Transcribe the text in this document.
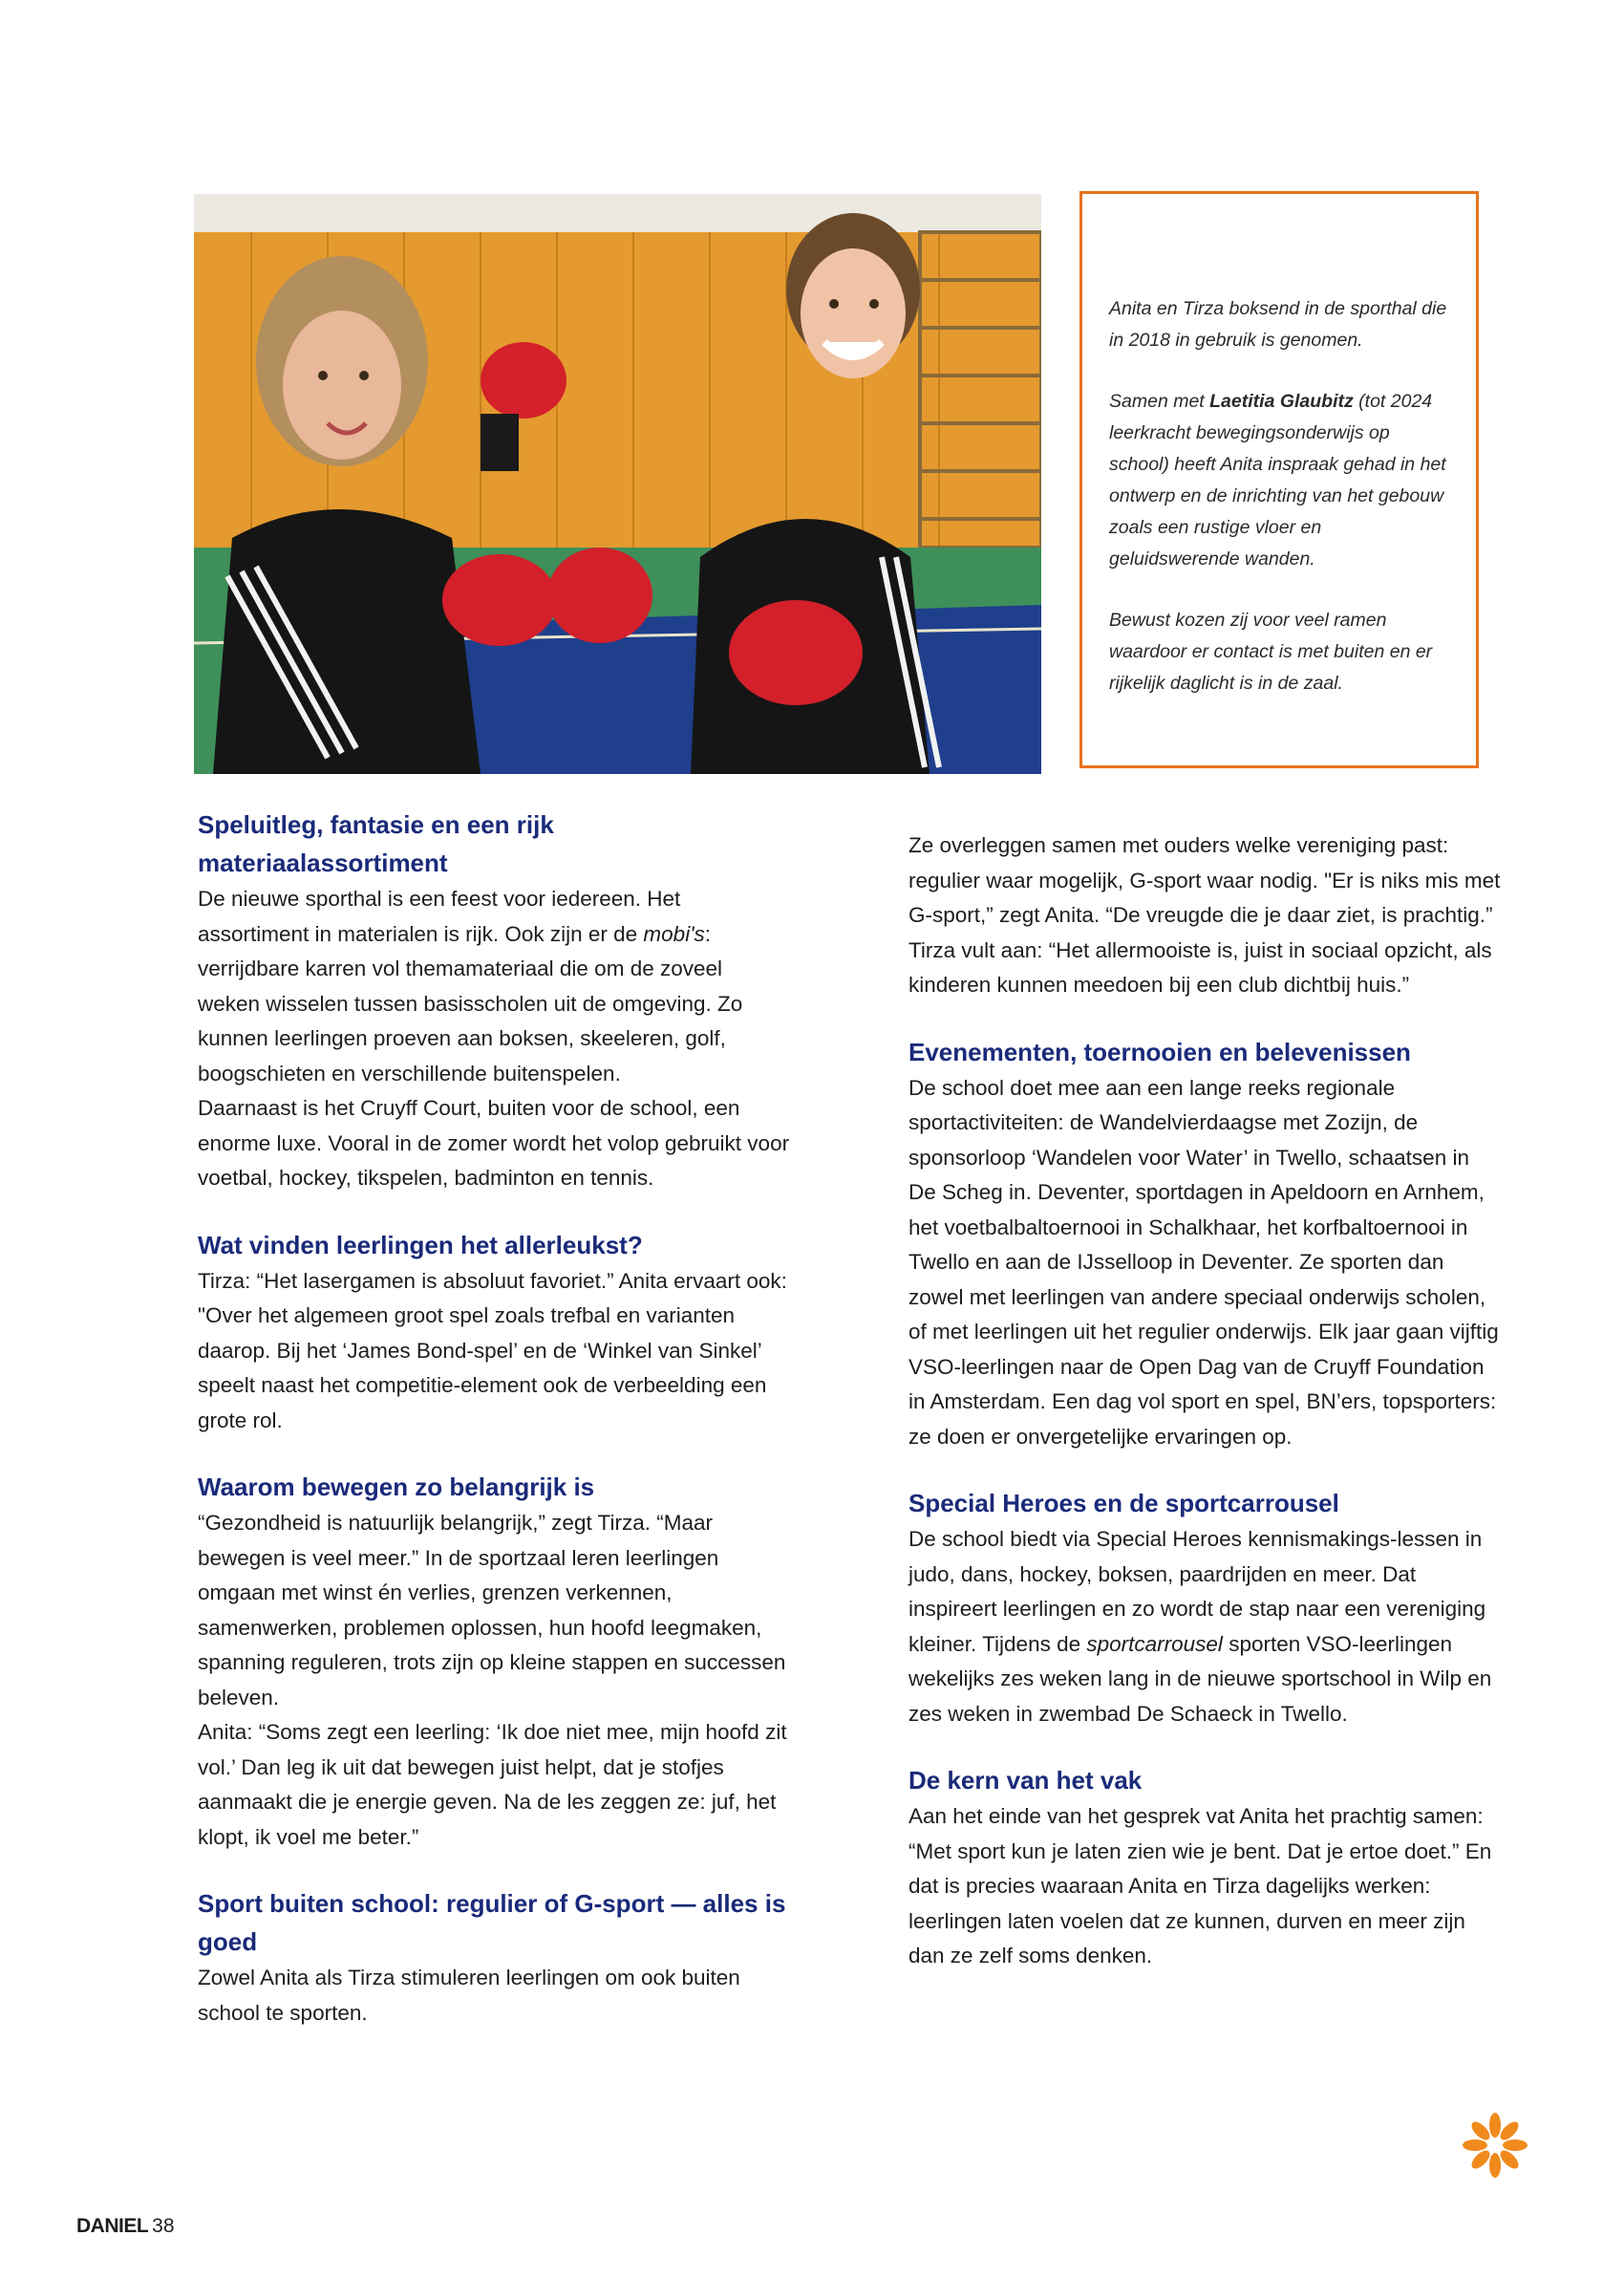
Anita en Tirza boksend in de sporthal die in 2018 in gebruik is genomen.

Samen met Laetitia Glaubitz (tot 2024 leerkracht bewegingsonderwijs op school) heeft Anita inspraak gehad in het ontwerp en de inrichting van het gebouw zoals een rustige vloer en geluidswerende wanden.

Bewust kozen zij voor veel ramen waardoor er contact is met buiten en er rijkelijk daglicht is in de zaal.

Speluitleg, fantasie en een rijk materiaalassortiment

De nieuwe sporthal is een feest voor iedereen. Het assortiment in materialen is rijk. Ook zijn er de mobi's: verrijdbare karren vol themamateriaal die om de zoveel weken wisselen tussen basisscholen uit de omgeving. Zo kunnen leerlingen proeven aan boksen, skeeleren, golf, boogschieten en verschillende buitenspelen.

Daarnaast is het Cruyff Court, buiten voor de school, een enorme luxe. Vooral in de zomer wordt het volop gebruikt voor voetbal, hockey, tikspelen, badminton en tennis.

Wat vinden leerlingen het allerleukst?

Tirza: “Het lasergamen is absoluut favoriet.” Anita ervaart ook: "Over het algemeen groot spel zoals trefbal en varianten daarop. Bij het ‘James Bond-spel’ en de ‘Winkel van Sinkel’ speelt naast het competitie-element ook de verbeelding een grote rol.

Waarom bewegen zo belangrijk is

“Gezondheid is natuurlijk belangrijk,” zegt Tirza. “Maar bewegen is veel meer.” In de sportzaal leren leerlingen omgaan met winst én verlies, grenzen verkennen, samenwerken, problemen oplossen, hun hoofd leegmaken, spanning reguleren, trots zijn op kleine stappen en successen beleven.

Anita: “Soms zegt een leerling: ‘Ik doe niet mee, mijn hoofd zit vol.’ Dan leg ik uit dat bewegen juist helpt, dat je stofjes aanmaakt die je energie geven. Na de les zeggen ze: juf, het klopt, ik voel me beter.”

Sport buiten school: regulier of G-sport — alles is goed

Zowel Anita als Tirza stimuleren leerlingen om ook buiten school te sporten.

Ze overleggen samen met ouders welke vereniging past: regulier waar mogelijk, G-sport waar nodig. "Er is niks mis met G-sport,” zegt Anita. “De vreugde die je daar ziet, is prachtig.” Tirza vult aan: “Het allermooiste is, juist in sociaal opzicht, als kinderen kunnen meedoen bij een club dichtbij huis.”

Evenementen, toernooien en belevenissen

De school doet mee aan een lange reeks regionale sportactiviteiten: de Wandelvierdaagse met Zozijn, de sponsorloop ‘Wandelen voor Water’ in Twello, schaatsen in De Scheg in. Deventer, sportdagen in Apeldoorn en Arnhem, het voetbalbaltoernooi in Schalkhaar, het korfbaltoernooi in Twello en aan de IJsselloop in Deventer. Ze sporten dan zowel met leerlingen van andere speciaal onderwijs scholen, of met leerlingen uit het regulier onderwijs. Elk jaar gaan vijftig VSO-leerlingen naar de Open Dag van de Cruyff Foundation in Amsterdam. Een dag vol sport en spel, BN’ers, topsporters: ze doen er onvergetelijke ervaringen op.

Special Heroes en de sportcarrousel

De school biedt via Special Heroes kennismakings-lessen in judo, dans, hockey, boksen, paardrijden en meer. Dat inspireert leerlingen en zo wordt de stap naar een vereniging kleiner. Tijdens de sportcarrousel sporten VSO-leerlingen wekelijks zes weken lang in de nieuwe sportschool in Wilp en zes weken in zwembad De Schaeck in Twello.

De kern van het vak

Aan het einde van het gesprek vat Anita het prachtig samen: “Met sport kun je laten zien wie je bent. Dat je ertoe doet.” En dat is precies waaraan Anita en Tirza dagelijks werken: leerlingen laten voelen dat ze kunnen, durven en meer zijn dan ze zelf soms denken.

DANIEL 38
